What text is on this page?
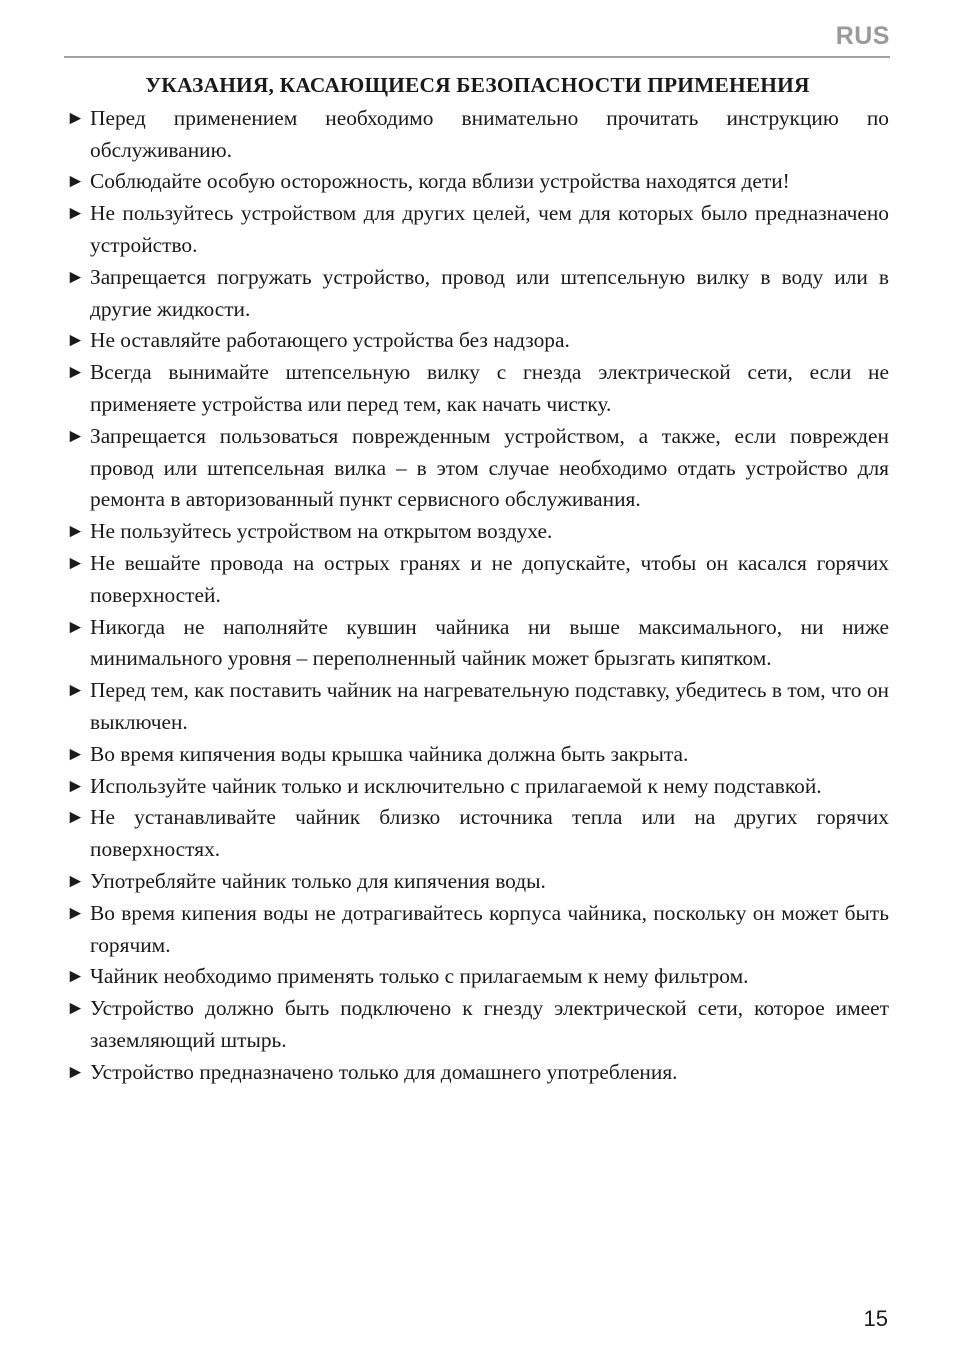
RUS
УКАЗАНИЯ, КАСАЮЩИЕСЯ БЕЗОПАСНОСТИ ПРИМЕНЕНИЯ
► Перед применением необходимо внимательно прочитать инструкцию по обслуживанию.
► Соблюдайте особую осторожность, когда вблизи устройства находятся дети!
► Не пользуйтесь устройством для других целей, чем для которых было предназначено устройство.
► Запрещается погружать устройство, провод или штепсельную вилку в воду или в другие жидкости.
► Не оставляйте работающего устройства без надзора.
► Всегда вынимайте штепсельную вилку с гнезда электрической сети, если не применяете устройства или перед тем, как начать чистку.
► Запрещается пользоваться поврежденным устройством, а также, если поврежден провод или штепсельная вилка – в этом случае необходимо отдать устройство для ремонта в авторизованный пункт сервисного обслуживания.
► Не пользуйтесь устройством на открытом воздухе.
► Не вешайте провода на острых гранях и не допускайте, чтобы он касался горячих поверхностей.
► Никогда не наполняйте кувшин чайника ни выше максимального, ни ниже минимального уровня – переполненный чайник может брызгать кипятком.
► Перед тем, как поставить чайник на нагревательную подставку, убедитесь в том, что он выключен.
► Во время кипячения воды крышка чайника должна быть закрыта.
► Используйте чайник только и исключительно с прилагаемой к нему подставкой.
► Не устанавливайте чайник близко источника тепла или на других горячих поверхностях.
► Употребляйте чайник только для кипячения воды.
► Во время кипения воды не дотрагивайтесь корпуса чайника, поскольку он может быть горячим.
► Чайник необходимо применять только с прилагаемым к нему фильтром.
► Устройство должно быть подключено к гнезду электрической сети, которое имеет заземляющий штырь.
► Устройство предназначено только для домашнего употребления.
15
